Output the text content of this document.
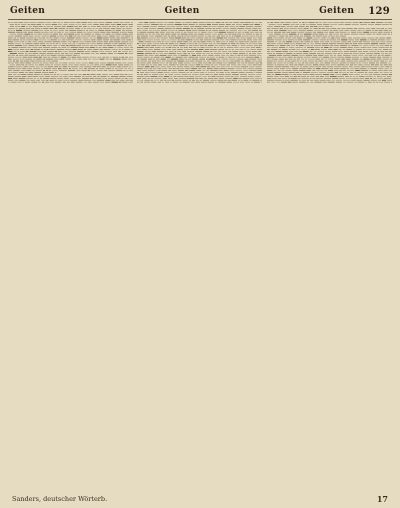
Geiten	Geiten	Geiten 129
Sanders, deutscher Wörterb.	17
